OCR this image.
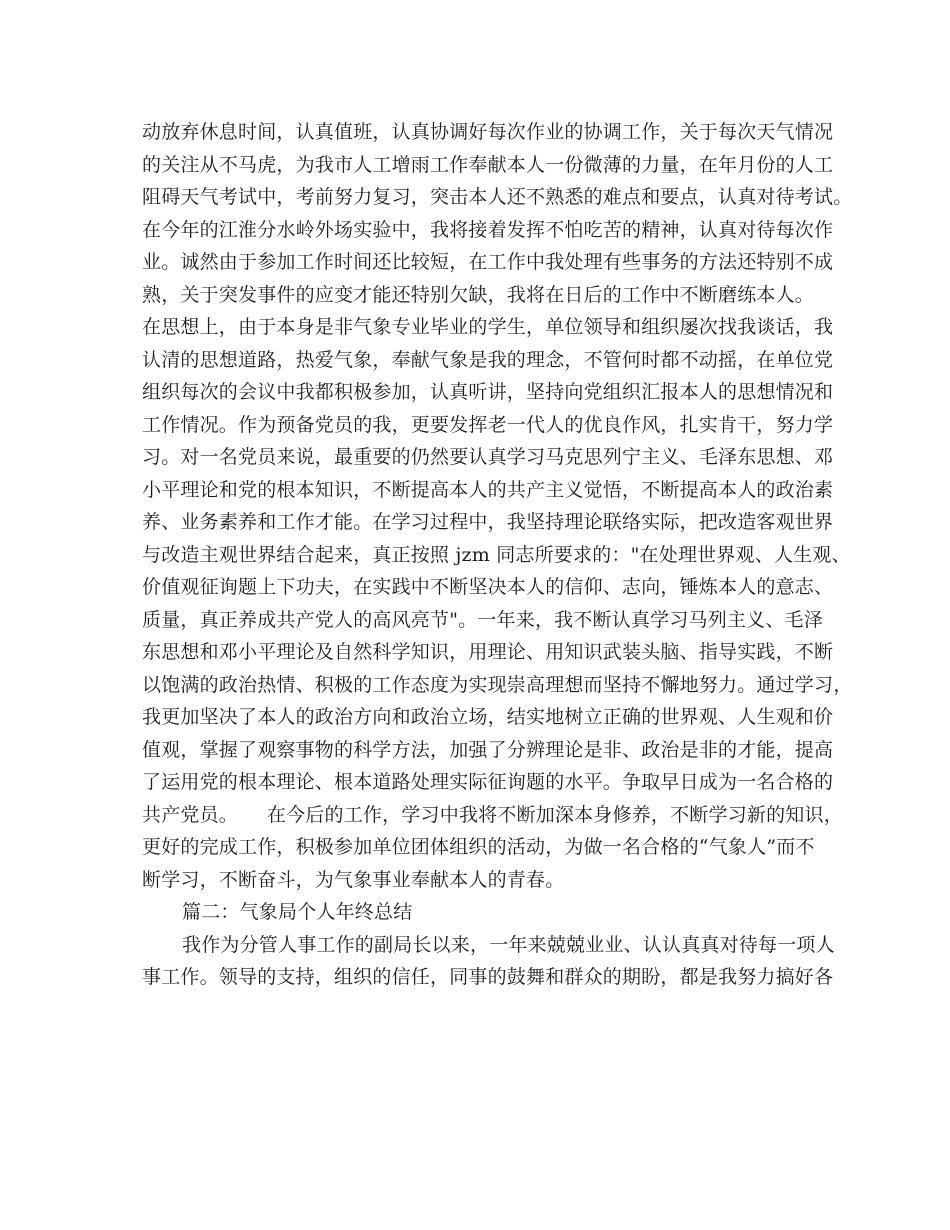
动放弃休息时间，认真值班，认真协调好每次作业的协调工作，关于每次天气情况
的关注从不马虎，为我市人工增雨工作奉献本人一份微薄的力量，在年月份的人工
阻碍天气考试中，考前努力复习，突击本人还不熟悉的难点和要点，认真对待考试。
在今年的江淮分水岭外场实验中，我将接着发挥不怕吃苦的精神，认真对待每次作
业。诚然由于参加工作时间还比较短，在工作中我处理有些事务的方法还特别不成
熟，关于突发事件的应变才能还特别欠缺，我将在日后的工作中不断磨练本人。
在思想上，由于本身是非气象专业毕业的学生，单位领导和组织屡次找我谈话，我
认清的思想道路，热爱气象，奉献气象是我的理念，不管何时都不动摇，在单位党
组织每次的会议中我都积极参加，认真听讲，坚持向党组织汇报本人的思想情况和
工作情况。作为预备党员的我，更要发挥老一代人的优良作风，扎实肯干，努力学
习。对一名党员来说，最重要的仍然要认真学习马克思列宁主义、毛泽东思想、邓
小平理论和党的根本知识，不断提高本人的共产主义觉悟，不断提高本人的政治素
养、业务素养和工作才能。在学习过程中，我坚持理论联络实际，把改造客观世界
与改造主观世界结合起来，真正按照 jzm 同志所要求的："在处理世界观、人生观、
价值观征询题上下功夫，在实践中不断坚决本人的信仰、志向，锤炼本人的意志、
质量，真正养成共产党人的高风亮节"。一年来，我不断认真学习马列主义、毛泽
东思想和邓小平理论及自然科学知识，用理论、用知识武装头脑、指导实践，不断
以饱满的政治热情、积极的工作态度为实现崇高理想而坚持不懈地努力。通过学习，
我更加坚决了本人的政治方向和政治立场，结实地树立正确的世界观、人生观和价
值观，掌握了观察事物的科学方法，加强了分辨理论是非、政治是非的才能，提高
了运用党的根本理论、根本道路处理实际征询题的水平。争取早日成为一名合格的
共产党员。　　在今后的工作，学习中我将不断加深本身修养，不断学习新的知识，
更好的完成工作，积极参加单位团体组织的活动，为做一名合格的“气象人”而不
断学习，不断奋斗，为气象事业奉献本人的青春。
篇二：气象局个人年终总结
我作为分管人事工作的副局长以来，一年来兢兢业业、认认真真对待每一项人
事工作。领导的支持，组织的信任，同事的鼓舞和群众的期盼，都是我努力搞好各
